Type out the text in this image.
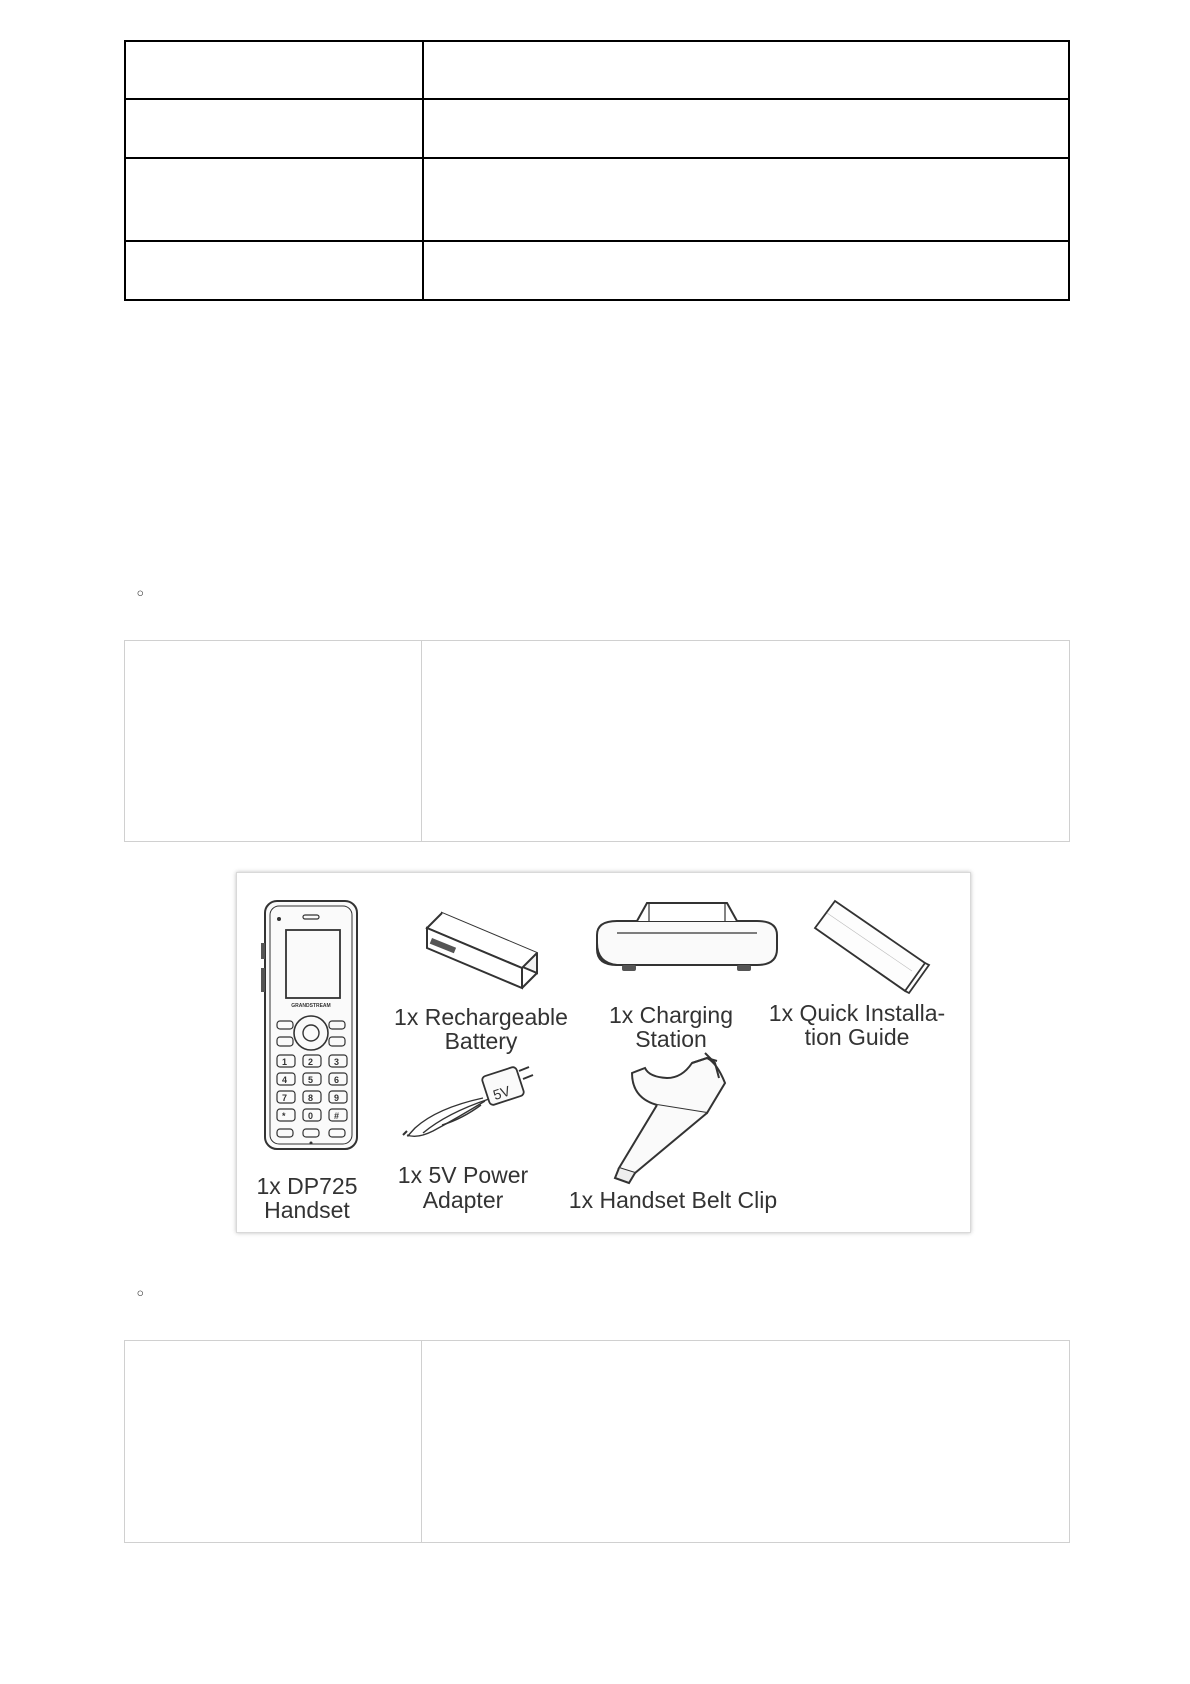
◦

GRANDSTREAM
1 2 3
4 5 6
7 8 9
* 0 #
5V
1x DP725
Handset
1x Rechargeable
Battery
1x Charging
Station
1x Quick Installa-
tion Guide
1x 5V Power
Adapter	1x Handset Belt Clip
◦
